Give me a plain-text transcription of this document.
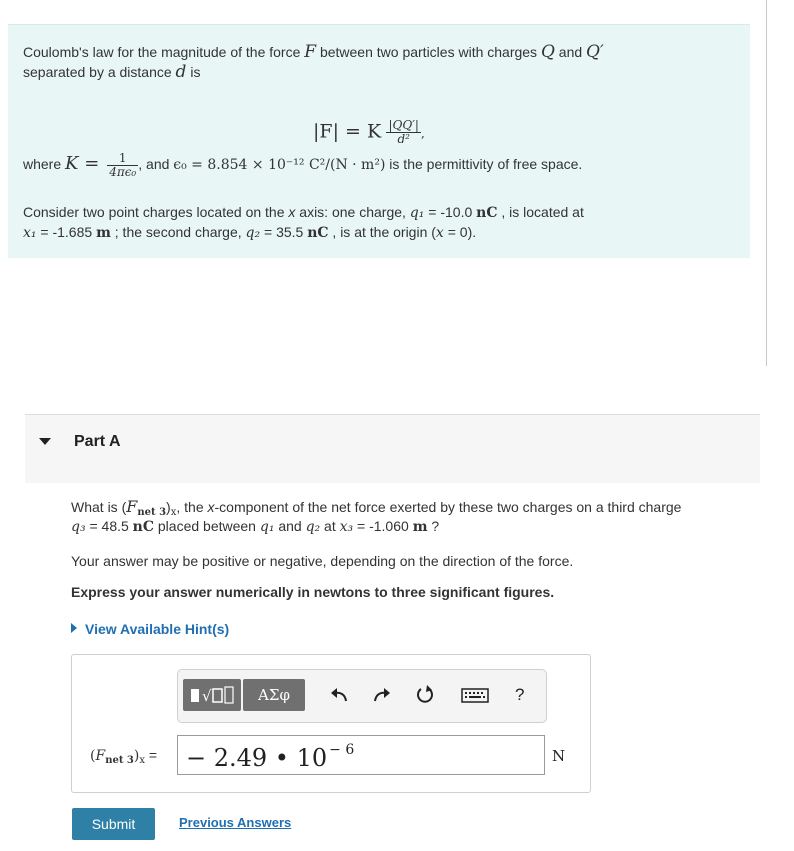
Coulomb's law for the magnitude of the force F between two particles with charges Q and Q′
separated by a distance d is
|F| = K $\frac{|QQ'|}{\text{d²}}$ ,
where $K = \frac{1}{\text{4πϵ₀}}$ , and ϵ₀ = 8.854 × 10⁻¹² C²/(N · m²) is the permittivity of free space.
Consider two point charges located on the x axis: one charge, q₁ = -10.0 nC , is located at
x₁ = -1.685 m ; the second charge, q₂ = 35.5 nC , is at the origin (x = 0).
Part A
What is $(F_{net 3})_x$, the x-component of the net force exerted by these two charges on a third charge
q₃ = 48.5 nC placed between q₁ and q₂ at x₃ = -1.060 m ?
Your answer may be positive or negative, depending on the direction of the force.
Express your answer numerically in newtons to three significant figures.
View Available Hint(s)
√	ΑΣφ	?
$(F_{net 3})_x$ = − 2.49 • 10 $^{- 6}$	N
Submit	Previous Answers
